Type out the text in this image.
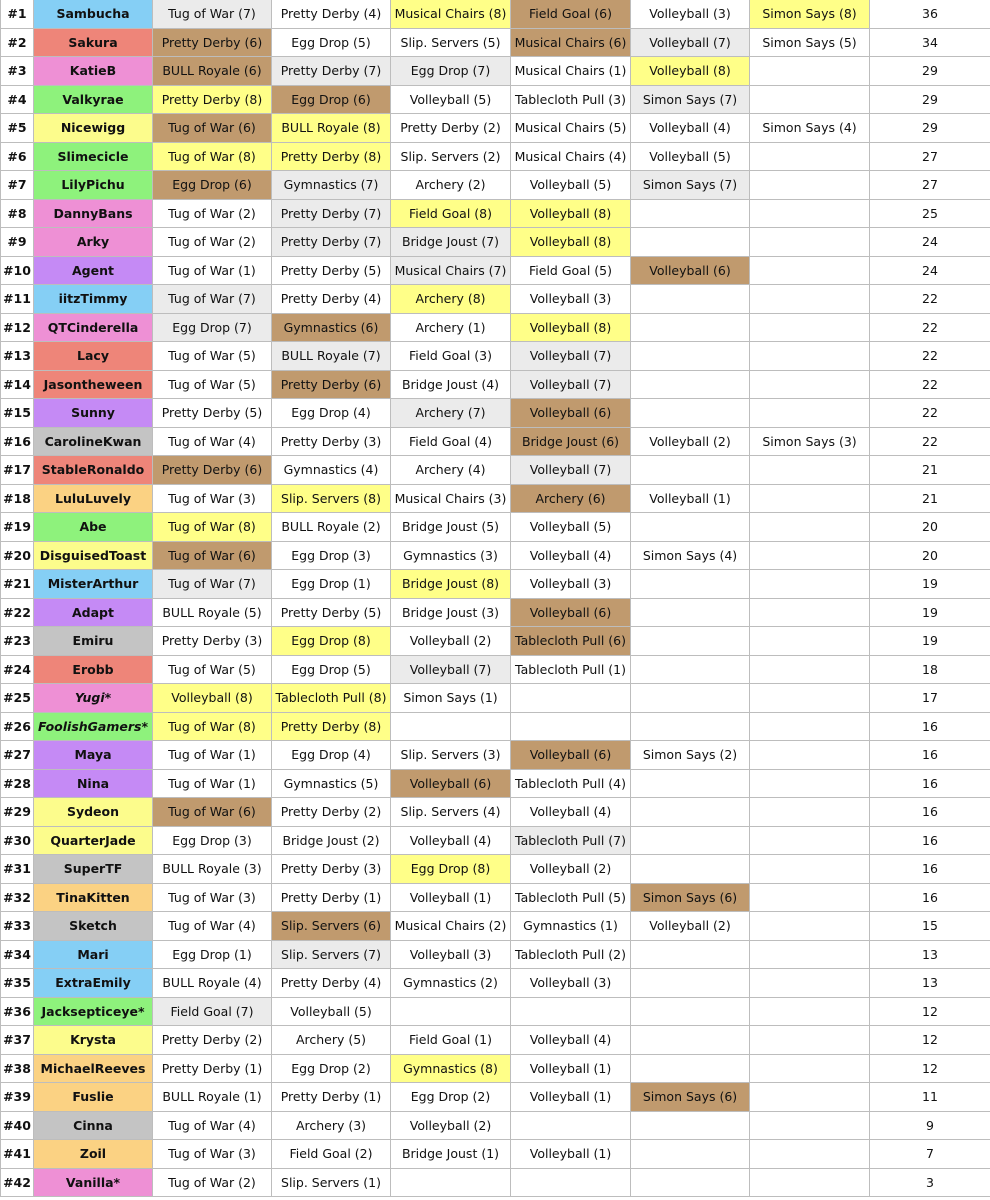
#1	Sambucha	Tug of War (7)	Pretty Derby (4)	Musical Chairs (8)	Field Goal (6)	Volleyball (3)	Simon Says (8)	36
#2	Sakura	Pretty Derby (6)	Egg Drop (5)	Slip. Servers (5)	Musical Chairs (6)	Volleyball (7)	Simon Says (5)	34
#3	KatieB	BULL Royale (6)	Pretty Derby (7)	Egg Drop (7)	Musical Chairs (1)	Volleyball (8)		29
#4	Valkyrae	Pretty Derby (8)	Egg Drop (6)	Volleyball (5)	Tablecloth Pull (3)	Simon Says (7)		29
#5	Nicewigg	Tug of War (6)	BULL Royale (8)	Pretty Derby (2)	Musical Chairs (5)	Volleyball (4)	Simon Says (4)	29
#6	Slimecicle	Tug of War (8)	Pretty Derby (8)	Slip. Servers (2)	Musical Chairs (4)	Volleyball (5)		27
#7	LilyPichu	Egg Drop (6)	Gymnastics (7)	Archery (2)	Volleyball (5)	Simon Says (7)		27
#8	DannyBans	Tug of War (2)	Pretty Derby (7)	Field Goal (8)	Volleyball (8)			25
#9	Arky	Tug of War (2)	Pretty Derby (7)	Bridge Joust (7)	Volleyball (8)			24
#10	Agent	Tug of War (1)	Pretty Derby (5)	Musical Chairs (7)	Field Goal (5)	Volleyball (6)		24
#11	iitzTimmy	Tug of War (7)	Pretty Derby (4)	Archery (8)	Volleyball (3)			22
#12	QTCinderella	Egg Drop (7)	Gymnastics (6)	Archery (1)	Volleyball (8)			22
#13	Lacy	Tug of War (5)	BULL Royale (7)	Field Goal (3)	Volleyball (7)			22
#14	Jasontheween	Tug of War (5)	Pretty Derby (6)	Bridge Joust (4)	Volleyball (7)			22
#15	Sunny	Pretty Derby (5)	Egg Drop (4)	Archery (7)	Volleyball (6)			22
#16	CarolineKwan	Tug of War (4)	Pretty Derby (3)	Field Goal (4)	Bridge Joust (6)	Volleyball (2)	Simon Says (3)	22
#17	StableRonaldo	Pretty Derby (6)	Gymnastics (4)	Archery (4)	Volleyball (7)			21
#18	LuluLuvely	Tug of War (3)	Slip. Servers (8)	Musical Chairs (3)	Archery (6)	Volleyball (1)		21
#19	Abe	Tug of War (8)	BULL Royale (2)	Bridge Joust (5)	Volleyball (5)			20
#20	DisguisedToast	Tug of War (6)	Egg Drop (3)	Gymnastics (3)	Volleyball (4)	Simon Says (4)		20
#21	MisterArthur	Tug of War (7)	Egg Drop (1)	Bridge Joust (8)	Volleyball (3)			19
#22	Adapt	BULL Royale (5)	Pretty Derby (5)	Bridge Joust (3)	Volleyball (6)			19
#23	Emiru	Pretty Derby (3)	Egg Drop (8)	Volleyball (2)	Tablecloth Pull (6)			19
#24	Erobb	Tug of War (5)	Egg Drop (5)	Volleyball (7)	Tablecloth Pull (1)			18
#25	Yugi*	Volleyball (8)	Tablecloth Pull (8)	Simon Says (1)				17
#26	FoolishGamers*	Tug of War (8)	Pretty Derby (8)					16
#27	Maya	Tug of War (1)	Egg Drop (4)	Slip. Servers (3)	Volleyball (6)	Simon Says (2)		16
#28	Nina	Tug of War (1)	Gymnastics (5)	Volleyball (6)	Tablecloth Pull (4)			16
#29	Sydeon	Tug of War (6)	Pretty Derby (2)	Slip. Servers (4)	Volleyball (4)			16
#30	QuarterJade	Egg Drop (3)	Bridge Joust (2)	Volleyball (4)	Tablecloth Pull (7)			16
#31	SuperTF	BULL Royale (3)	Pretty Derby (3)	Egg Drop (8)	Volleyball (2)			16
#32	TinaKitten	Tug of War (3)	Pretty Derby (1)	Volleyball (1)	Tablecloth Pull (5)	Simon Says (6)		16
#33	Sketch	Tug of War (4)	Slip. Servers (6)	Musical Chairs (2)	Gymnastics (1)	Volleyball (2)		15
#34	Mari	Egg Drop (1)	Slip. Servers (7)	Volleyball (3)	Tablecloth Pull (2)			13
#35	ExtraEmily	BULL Royale (4)	Pretty Derby (4)	Gymnastics (2)	Volleyball (3)			13
#36	Jacksepticeye*	Field Goal (7)	Volleyball (5)					12
#37	Krysta	Pretty Derby (2)	Archery (5)	Field Goal (1)	Volleyball (4)			12
#38	MichaelReeves	Pretty Derby (1)	Egg Drop (2)	Gymnastics (8)	Volleyball (1)			12
#39	Fuslie	BULL Royale (1)	Pretty Derby (1)	Egg Drop (2)	Volleyball (1)	Simon Says (6)		11
#40	Cinna	Tug of War (4)	Archery (3)	Volleyball (2)				9
#41	Zoil	Tug of War (3)	Field Goal (2)	Bridge Joust (1)	Volleyball (1)			7
#42	Vanilla*	Tug of War (2)	Slip. Servers (1)					3
